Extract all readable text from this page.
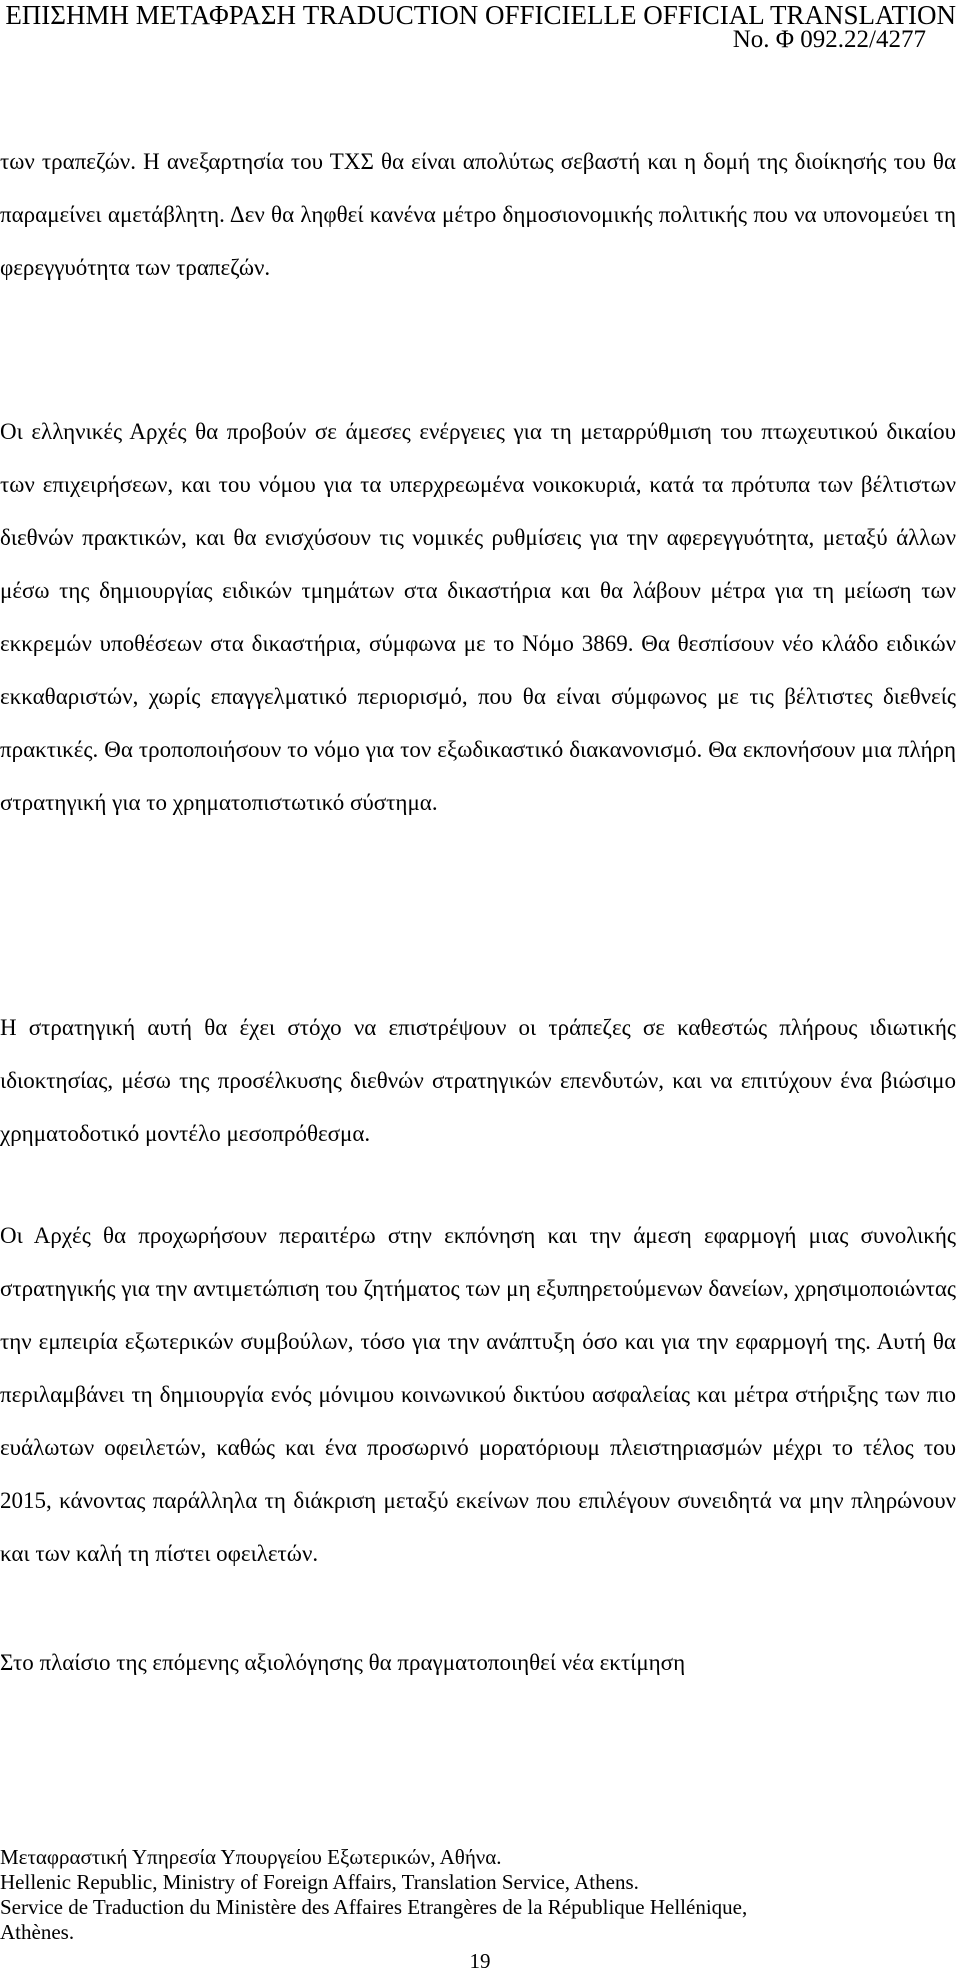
ΕΠΙΣΗΜΗ ΜΕΤΑΦΡΑΣΗ TRADUCTION OFFICIELLE OFFICIAL TRANSLATION
No. Φ 092.22/4277

των τραπεζών. Η ανεξαρτησία του ΤΧΣ θα είναι απολύτως σεβαστή και η δομή της διοίκησής του θα παραμείνει αμετάβλητη. Δεν θα ληφθεί κανένα μέτρο δημοσιονομικής πολιτικής που να υπονομεύει τη φερεγγυότητα των τραπεζών.

Οι ελληνικές Αρχές θα προβούν σε άμεσες ενέργειες για τη μεταρρύθμιση του πτωχευτικού δικαίου των επιχειρήσεων, και του νόμου για τα υπερχρεωμένα νοικοκυριά, κατά τα πρότυπα των βέλτιστων διεθνών πρακτικών, και θα ενισχύσουν τις νομικές ρυθμίσεις για την αφερεγγυότητα, μεταξύ άλλων μέσω της δημιουργίας ειδικών τμημάτων στα δικαστήρια και θα λάβουν μέτρα για τη μείωση των εκκρεμών υποθέσεων στα δικαστήρια, σύμφωνα με το Νόμο 3869. Θα θεσπίσουν νέο κλάδο ειδικών εκκαθαριστών, χωρίς επαγγελματικό περιορισμό, που θα είναι σύμφωνος με τις βέλτιστες διεθνείς πρακτικές. Θα τροποποιήσουν το νόμο για τον εξωδικαστικό διακανονισμό. Θα εκπονήσουν μια πλήρη στρατηγική για το χρηματοπιστωτικό σύστημα.

Η στρατηγική αυτή θα έχει στόχο να επιστρέψουν οι τράπεζες σε καθεστώς πλήρους ιδιωτικής ιδιοκτησίας, μέσω της προσέλκυσης διεθνών στρατηγικών επενδυτών, και να επιτύχουν ένα βιώσιμο χρηματοδοτικό μοντέλο μεσοπρόθεσμα.

Οι Αρχές θα προχωρήσουν περαιτέρω στην εκπόνηση και την άμεση εφαρμογή μιας συνολικής στρατηγικής για την αντιμετώπιση του ζητήματος των μη εξυπηρετούμενων δανείων, χρησιμοποιώντας την εμπειρία εξωτερικών συμβούλων, τόσο για την ανάπτυξη όσο και για την εφαρμογή της. Αυτή θα περιλαμβάνει τη δημιουργία ενός μόνιμου κοινωνικού δικτύου ασφαλείας και μέτρα στήριξης των πιο ευάλωτων οφειλετών, καθώς και ένα προσωρινό μορατόριουμ πλειστηριασμών μέχρι το τέλος του 2015, κάνοντας παράλληλα τη διάκριση μεταξύ εκείνων που επιλέγουν συνειδητά να μην πληρώνουν και των καλή τη πίστει οφειλετών.

Στο πλαίσιο της επόμενης αξιολόγησης θα πραγματοποιηθεί νέα εκτίμηση

Μεταφραστική Υπηρεσία Υπουργείου Εξωτερικών, Αθήνα.
Hellenic Republic, Ministry of Foreign Affairs, Translation Service, Athens.
Service de Traduction du Ministère des Affaires Etrangères de la République Hellénique,
Athènes.
19
